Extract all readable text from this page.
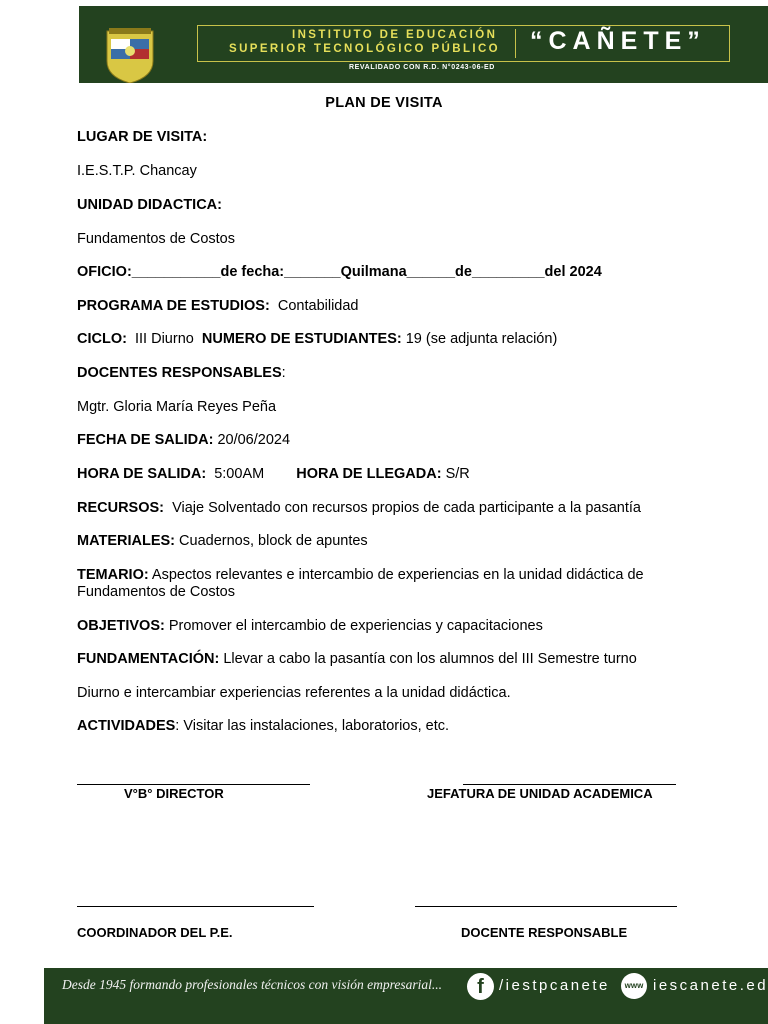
INSTITUTO DE EDUCACIÓN
SUPERIOR TECNOLÓGICO PÚBLICO “CAÑETE”
REVALIDADO CON R.D. N°0243-06-ED
PLAN DE VISITA
LUGAR DE VISITA:
I.E.S.T.P. Chancay
UNIDAD DIDACTICA:
Fundamentos de Costos
OFICIO:___________de fecha:_______Quilmana______de_________del 2024
PROGRAMA DE ESTUDIOS: Contabilidad
CICLO: III Diurno NUMERO DE ESTUDIANTES: 19 (se adjunta relación)
DOCENTES RESPONSABLES:
Mgtr. Gloria María Reyes Peña
FECHA DE SALIDA: 20/06/2024
HORA DE SALIDA: 5:00AM HORA DE LLEGADA: S/R
RECURSOS: Viaje Solventado con recursos propios de cada participante a la pasantía
MATERIALES: Cuadernos, block de apuntes
TEMARIO: Aspectos relevantes e intercambio de experiencias en la unidad didáctica de Fundamentos de Costos
OBJETIVOS: Promover el intercambio de experiencias y capacitaciones
FUNDAMENTACIÓN: Llevar a cabo la pasantía con los alumnos del III Semestre turno
Diurno e intercambiar experiencias referentes a la unidad didáctica.
ACTIVIDADES: Visitar las instalaciones, laboratorios, etc.
V°B° DIRECTOR	JEFATURA DE UNIDAD ACADEMICA
COORDINADOR DEL P.E.	DOCENTE RESPONSABLE
Desde 1945 formando profesionales técnicos con visión empresarial...	f	/iestpcanete	www iescanete.ed
